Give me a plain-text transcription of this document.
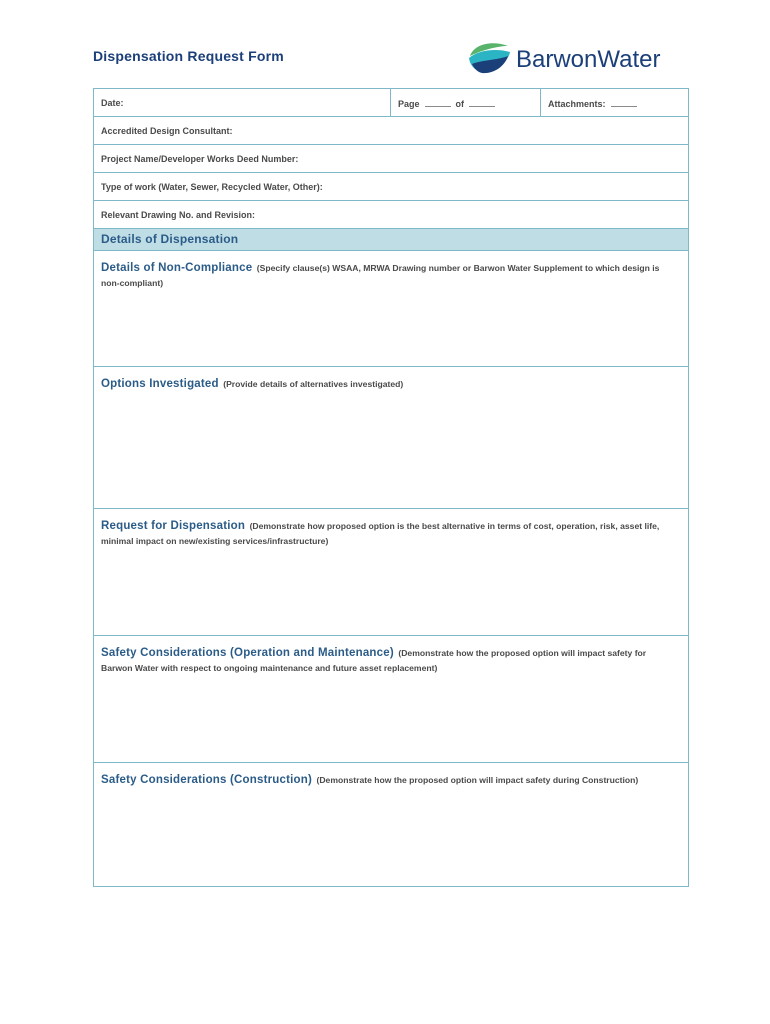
Dispensation Request Form	BarwonWater
Date:	Page	of	Attachments:
Accredited Design Consultant:
Project Name/Developer Works Deed Number:
Type of work (Water, Sewer, Recycled Water, Other):
Relevant Drawing No. and Revision:
Details of Dispensation
Details of Non-Compliance (Specify clause(s) WSAA, MRWA Drawing number or Barwon Water Supplement to which design is non-compliant)
Options Investigated (Provide details of alternatives investigated)
Request for Dispensation (Demonstrate how proposed option is the best alternative in terms of cost, operation, risk, asset life, minimal impact on new/existing services/infrastructure)
Safety Considerations (Operation and Maintenance) (Demonstrate how the proposed option will impact safety for Barwon Water with respect to ongoing maintenance and future asset replacement)
Safety Considerations (Construction) (Demonstrate how the proposed option will impact safety during Construction)
